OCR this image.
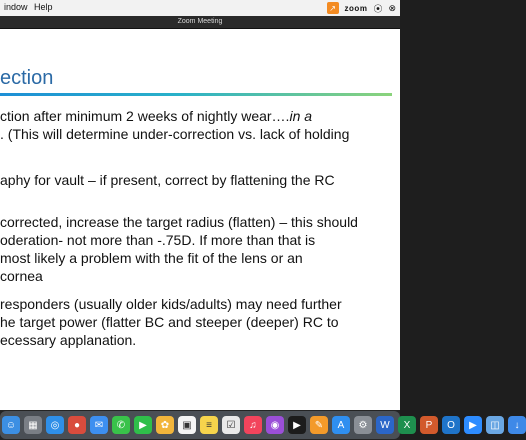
indow Help	↗	zoom ⦿ ⊗
Zoom Meeting
ection
ction after minimum 2 weeks of nightly wear….in a
. (This will determine under-correction vs. lack of holding
aphy for vault – if present, correct by flattening the RC
corrected, increase the target radius (flatten) – this should
oderation- not more than -.75D. If more than that is
most likely a problem with the fit of the lens or an
cornea
responders (usually older kids/adults) may need further
he target power (flatter BC and steeper (deeper) RC to
ecessary applanation.
☺	▦	◎	●	✉	✆	▶	✿	▣	≡	☑	♫	◉	▶	✎	A	⚙	W	X	P	O	▶	◫	↓
